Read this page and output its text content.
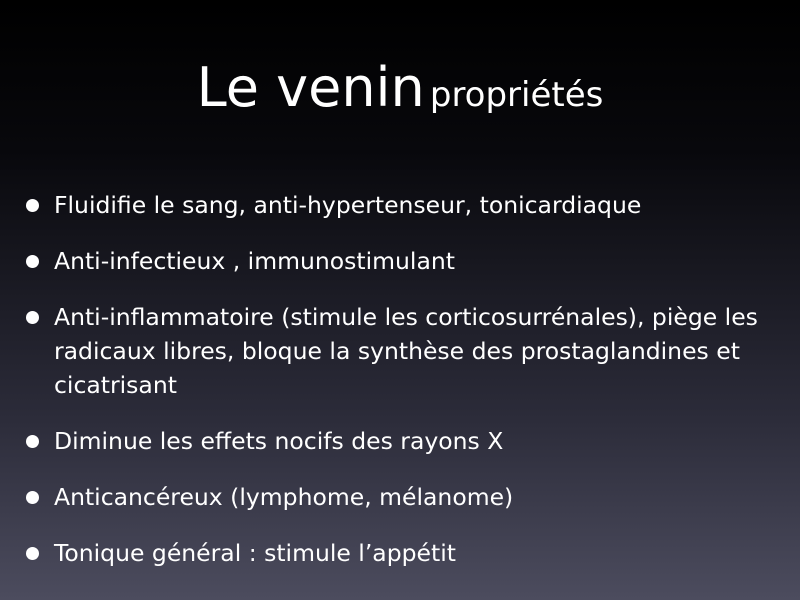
Le venin propriétés
Fluidifie le sang, anti-hypertenseur, tonicardiaque
Anti-infectieux , immunostimulant
Anti-inflammatoire (stimule les corticosurrénales), piège les radicaux libres, bloque la synthèse des prostaglandines et cicatrisant
Diminue les effets nocifs des rayons X
Anticancéreux (lymphome, mélanome)
Tonique général : stimule l’appétit
